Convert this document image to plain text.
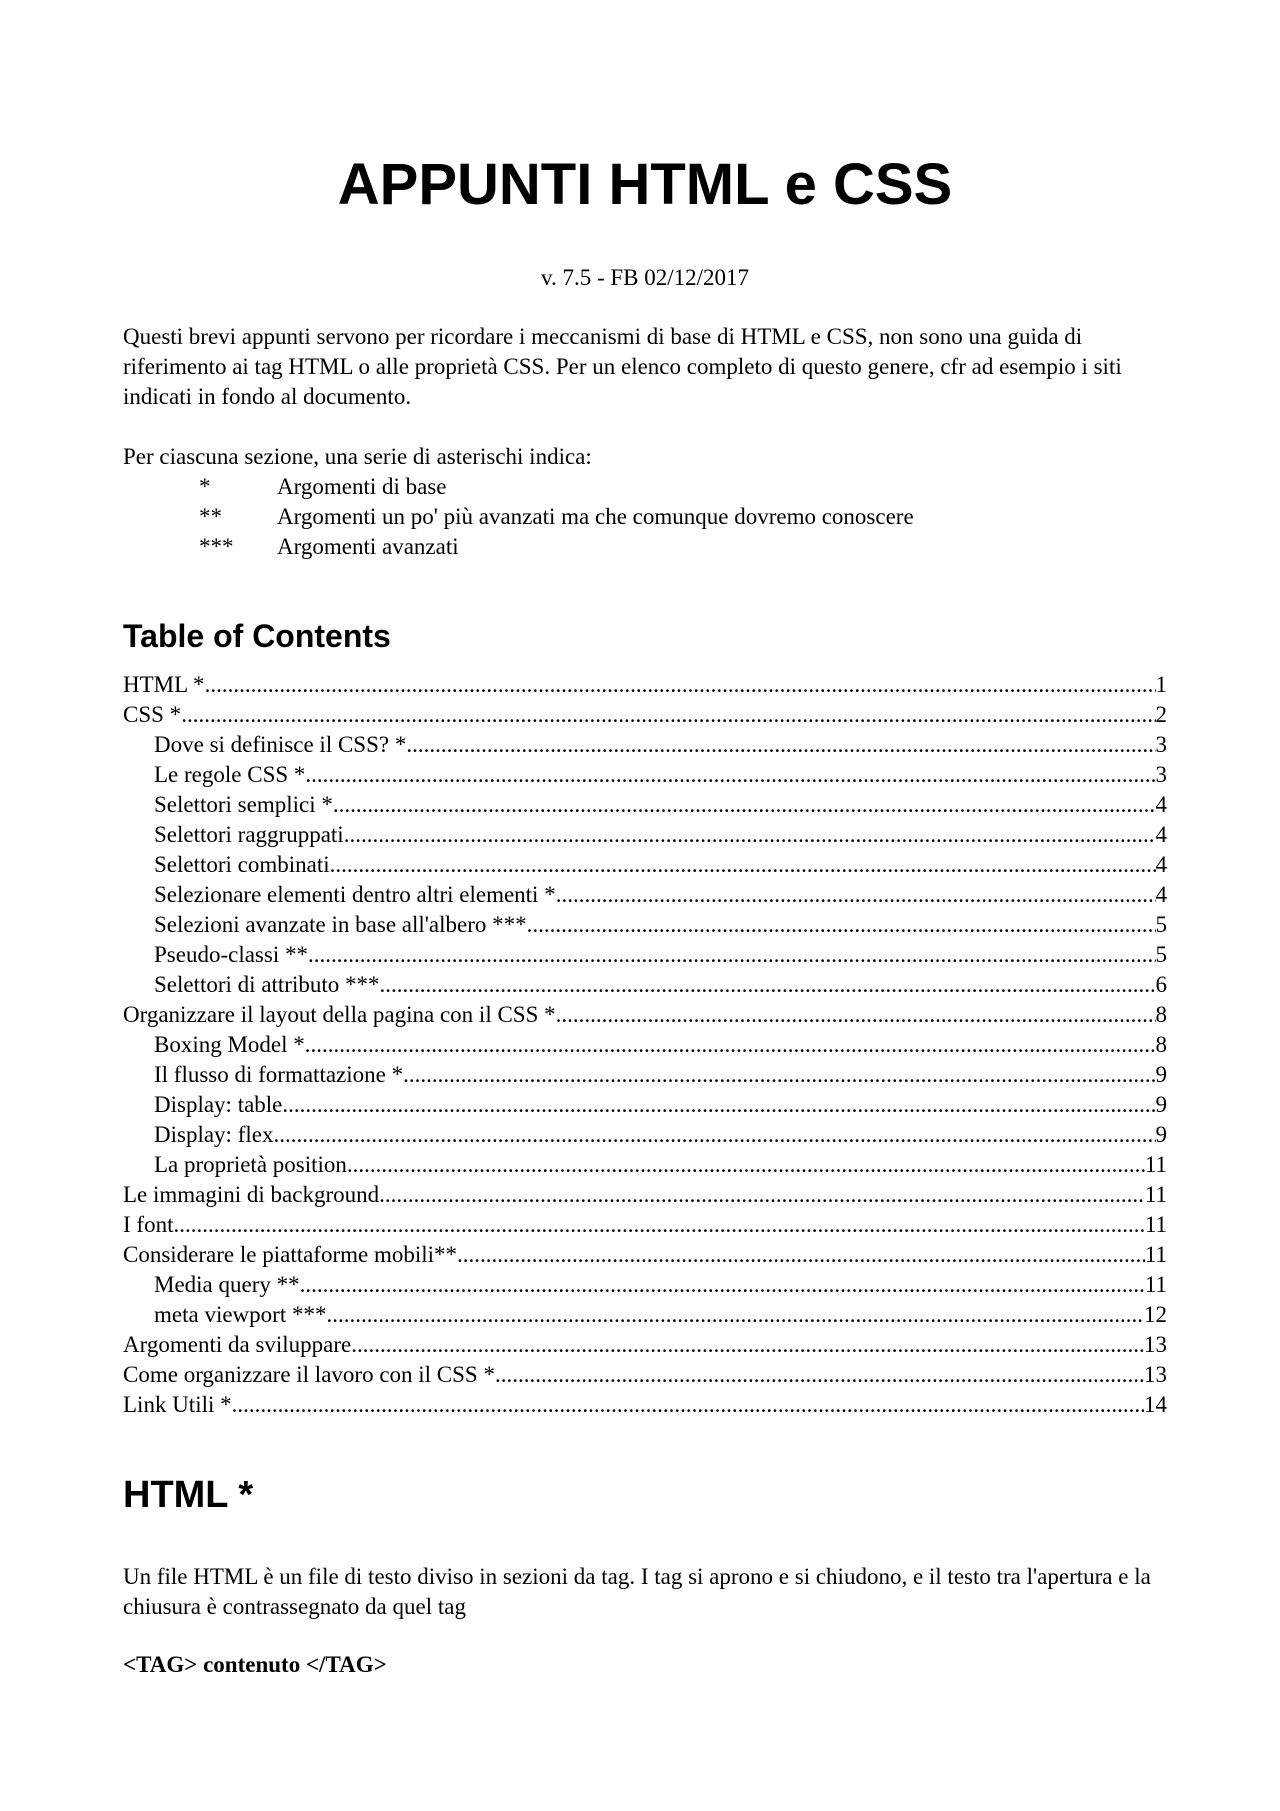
APPUNTI HTML e CSS
v. 7.5 - FB 02/12/2017

Questi brevi appunti servono per ricordare i meccanismi di base di HTML e CSS, non sono una guida di riferimento ai tag HTML o alle proprietà CSS. Per un elenco completo di questo genere, cfr ad esempio i siti indicati in fondo al documento.

Per ciascuna sezione, una serie di asterischi indica:
*	Argomenti di base
**	Argomenti un po' più avanzati ma che comunque dovremo conoscere
***	Argomenti avanzati
Table of Contents
HTML * .....	1
CSS * .....	2
Dove si definisce il CSS? * .....	3
Le regole CSS * .....	3
Selettori semplici * .....	4
Selettori raggruppati .....	4
Selettori combinati .....	4
Selezionare elementi dentro altri elementi * .....	4
Selezioni avanzate in base all'albero *** .....	5
Pseudo-classi ** .....	5
Selettori di attributo *** .....	6
Organizzare il layout della pagina con il CSS * .....	8
Boxing Model * .....	8
Il flusso di formattazione * .....	9
Display: table .....	9
Display: flex .....	9
La proprietà position .....	11
Le immagini di background .....	11
I font .....	11
Considerare le piattaforme mobili** .....	11
Media query ** .....	11
meta viewport *** .....	12
Argomenti da sviluppare .....	13
Come organizzare il lavoro con il CSS * .....	13
Link Utili * .....	14
HTML *

Un file HTML è un file di testo diviso in sezioni da tag. I tag si aprono e si chiudono, e il testo tra l'apertura e la chiusura è contrassegnato da quel tag

<TAG> contenuto </TAG>
